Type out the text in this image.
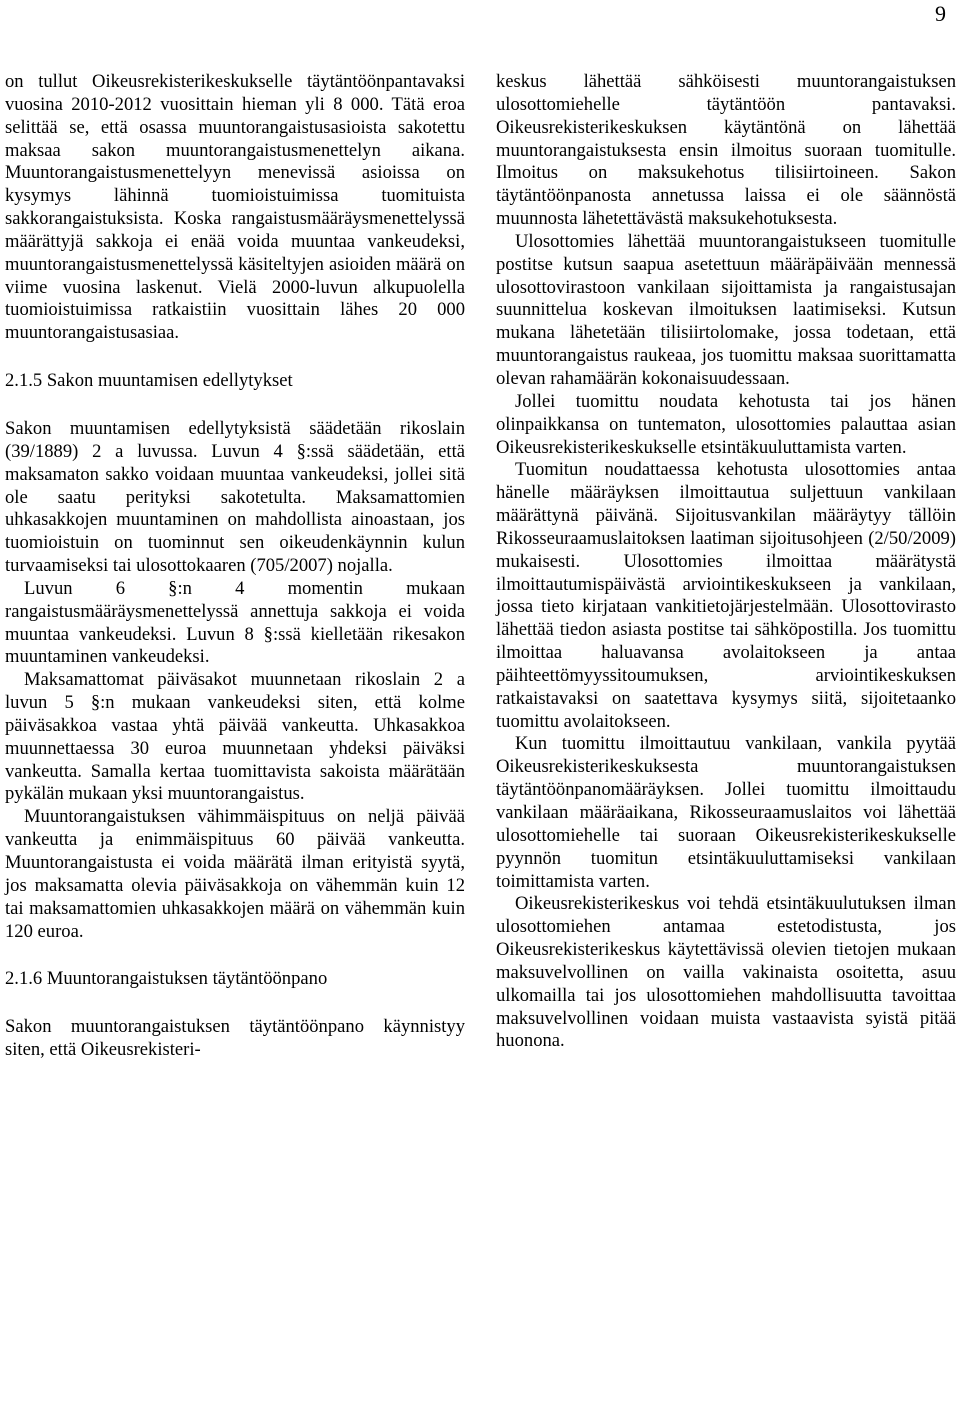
9

on tullut Oikeusrekisterikeskukselle täytäntöönpantavaksi vuosina 2010-2012 vuosittain hieman yli 8 000. Tätä eroa selittää se, että osassa muuntorangaistusasioista sakotettu maksaa sakon muuntorangaistusmenettelyn aikana. Muuntorangaistusmenettelyyn menevissä asioissa on kysymys lähinnä tuomioistuimissa tuomituista sakkorangaistuksista. Koska rangaistusmääräysmenettelyssä määrättyjä sakkoja ei enää voida muuntaa vankeudeksi, muuntorangaistusmenettelyssä käsiteltyjen asioiden määrä on viime vuosina laskenut. Vielä 2000-luvun alkupuolella tuomioistuimissa ratkaistiin vuosittain lähes 20 000 muuntorangaistusasiaa.

2.1.5 Sakon muuntamisen edellytykset

Sakon muuntamisen edellytyksistä säädetään rikoslain (39/1889) 2 a luvussa. Luvun 4 §:ssä säädetään, että maksamaton sakko voidaan muuntaa vankeudeksi, jollei sitä ole saatu perityksi sakotetulta. Maksamattomien uhkasakkojen muuntaminen on mahdollista ainoastaan, jos tuomioistuin on tuominnut sen oikeudenkäynnin kulun turvaamiseksi tai ulosottokaaren (705/2007) nojalla.

Luvun 6 §:n 4 momentin mukaan rangaistusmääräysmenettelyssä annettuja sakkoja ei voida muuntaa vankeudeksi. Luvun 8 §:ssä kielletään rikesakon muuntaminen vankeudeksi.

Maksamattomat päiväsakot muunnetaan rikoslain 2 a luvun 5 §:n mukaan vankeudeksi siten, että kolme päiväsakkoa vastaa yhtä päivää vankeutta. Uhkasakkoa muunnettaessa 30 euroa muunnetaan yhdeksi päiväksi vankeutta. Samalla kertaa tuomittavista sakoista määrätään pykälän mukaan yksi muuntorangaistus.

Muuntorangaistuksen vähimmäispituus on neljä päivää vankeutta ja enimmäispituus 60 päivää vankeutta. Muuntorangaistusta ei voida määrätä ilman erityistä syytä, jos maksamatta olevia päiväsakkoja on vähemmän kuin 12 tai maksamattomien uhkasakkojen määrä on vähemmän kuin 120 euroa.

2.1.6 Muuntorangaistuksen täytäntöönpano

Sakon muuntorangaistuksen täytäntöönpano käynnistyy siten, että Oikeusrekisteri-

keskus lähettää sähköisesti muuntorangaistuksen ulosottomiehelle täytäntöön pantavaksi. Oikeusrekisterikeskuksen käytäntönä on lähettää muuntorangaistuksesta ensin ilmoitus suoraan tuomitulle. Ilmoitus on maksukehotus tilisiirtoineen. Sakon täytäntöönpanosta annetussa laissa ei ole säännöstä muunnosta lähetettävästä maksukehotuksesta.

Ulosottomies lähettää muuntorangaistukseen tuomitulle postitse kutsun saapua asetettuun määräpäivään mennessä ulosottovirastoon vankilaan sijoittamista ja rangaistusajan suunnittelua koskevan ilmoituksen laatimiseksi. Kutsun mukana lähetetään tilisiirtolomake, jossa todetaan, että muuntorangaistus raukeaa, jos tuomittu maksaa suorittamatta olevan rahamäärän kokonaisuudessaan.

Jollei tuomittu noudata kehotusta tai jos hänen olinpaikkansa on tuntematon, ulosottomies palauttaa asian Oikeusrekisterikeskukselle etsintäkuuluttamista varten.

Tuomitun noudattaessa kehotusta ulosottomies antaa hänelle määräyksen ilmoittautua suljettuun vankilaan määrättynä päivänä. Sijoitusvankilan määräytyy tällöin Rikosseuraamuslaitoksen laatiman sijoitusohjeen (2/50/2009) mukaisesti. Ulosottomies ilmoittaa määrätystä ilmoittautumispäivästä arviointikeskukseen ja vankilaan, jossa tieto kirjataan vankitietojärjestelmään. Ulosottovirasto lähettää tiedon asiasta postitse tai sähköpostilla. Jos tuomittu ilmoittaa haluavansa avolaitokseen ja antaa päihteettömyyssitoumuksen, arviointikeskuksen ratkaistavaksi on saatettava kysymys siitä, sijoitetaanko tuomittu avolaitokseen.

Kun tuomittu ilmoittautuu vankilaan, vankila pyytää Oikeusrekisterikeskuksesta muuntorangaistuksen täytäntöönpanomääräyksen. Jollei tuomittu ilmoittaudu vankilaan määräaikana, Rikosseuraamuslaitos voi lähettää ulosottomiehelle tai suoraan Oikeusrekisterikeskukselle pyynnön tuomitun etsintäkuuluttamiseksi vankilaan toimittamista varten.

Oikeusrekisterikeskus voi tehdä etsintäkuulutuksen ilman ulosottomiehen antamaa estetodistusta, jos Oikeusrekisterikeskus käytettävissä olevien tietojen mukaan maksuvelvollinen on vailla vakinaista osoitetta, asuu ulkomailla tai jos ulosottomiehen mahdollisuutta tavoittaa maksuvelvollinen voidaan muista vastaavista syistä pitää huonona.
